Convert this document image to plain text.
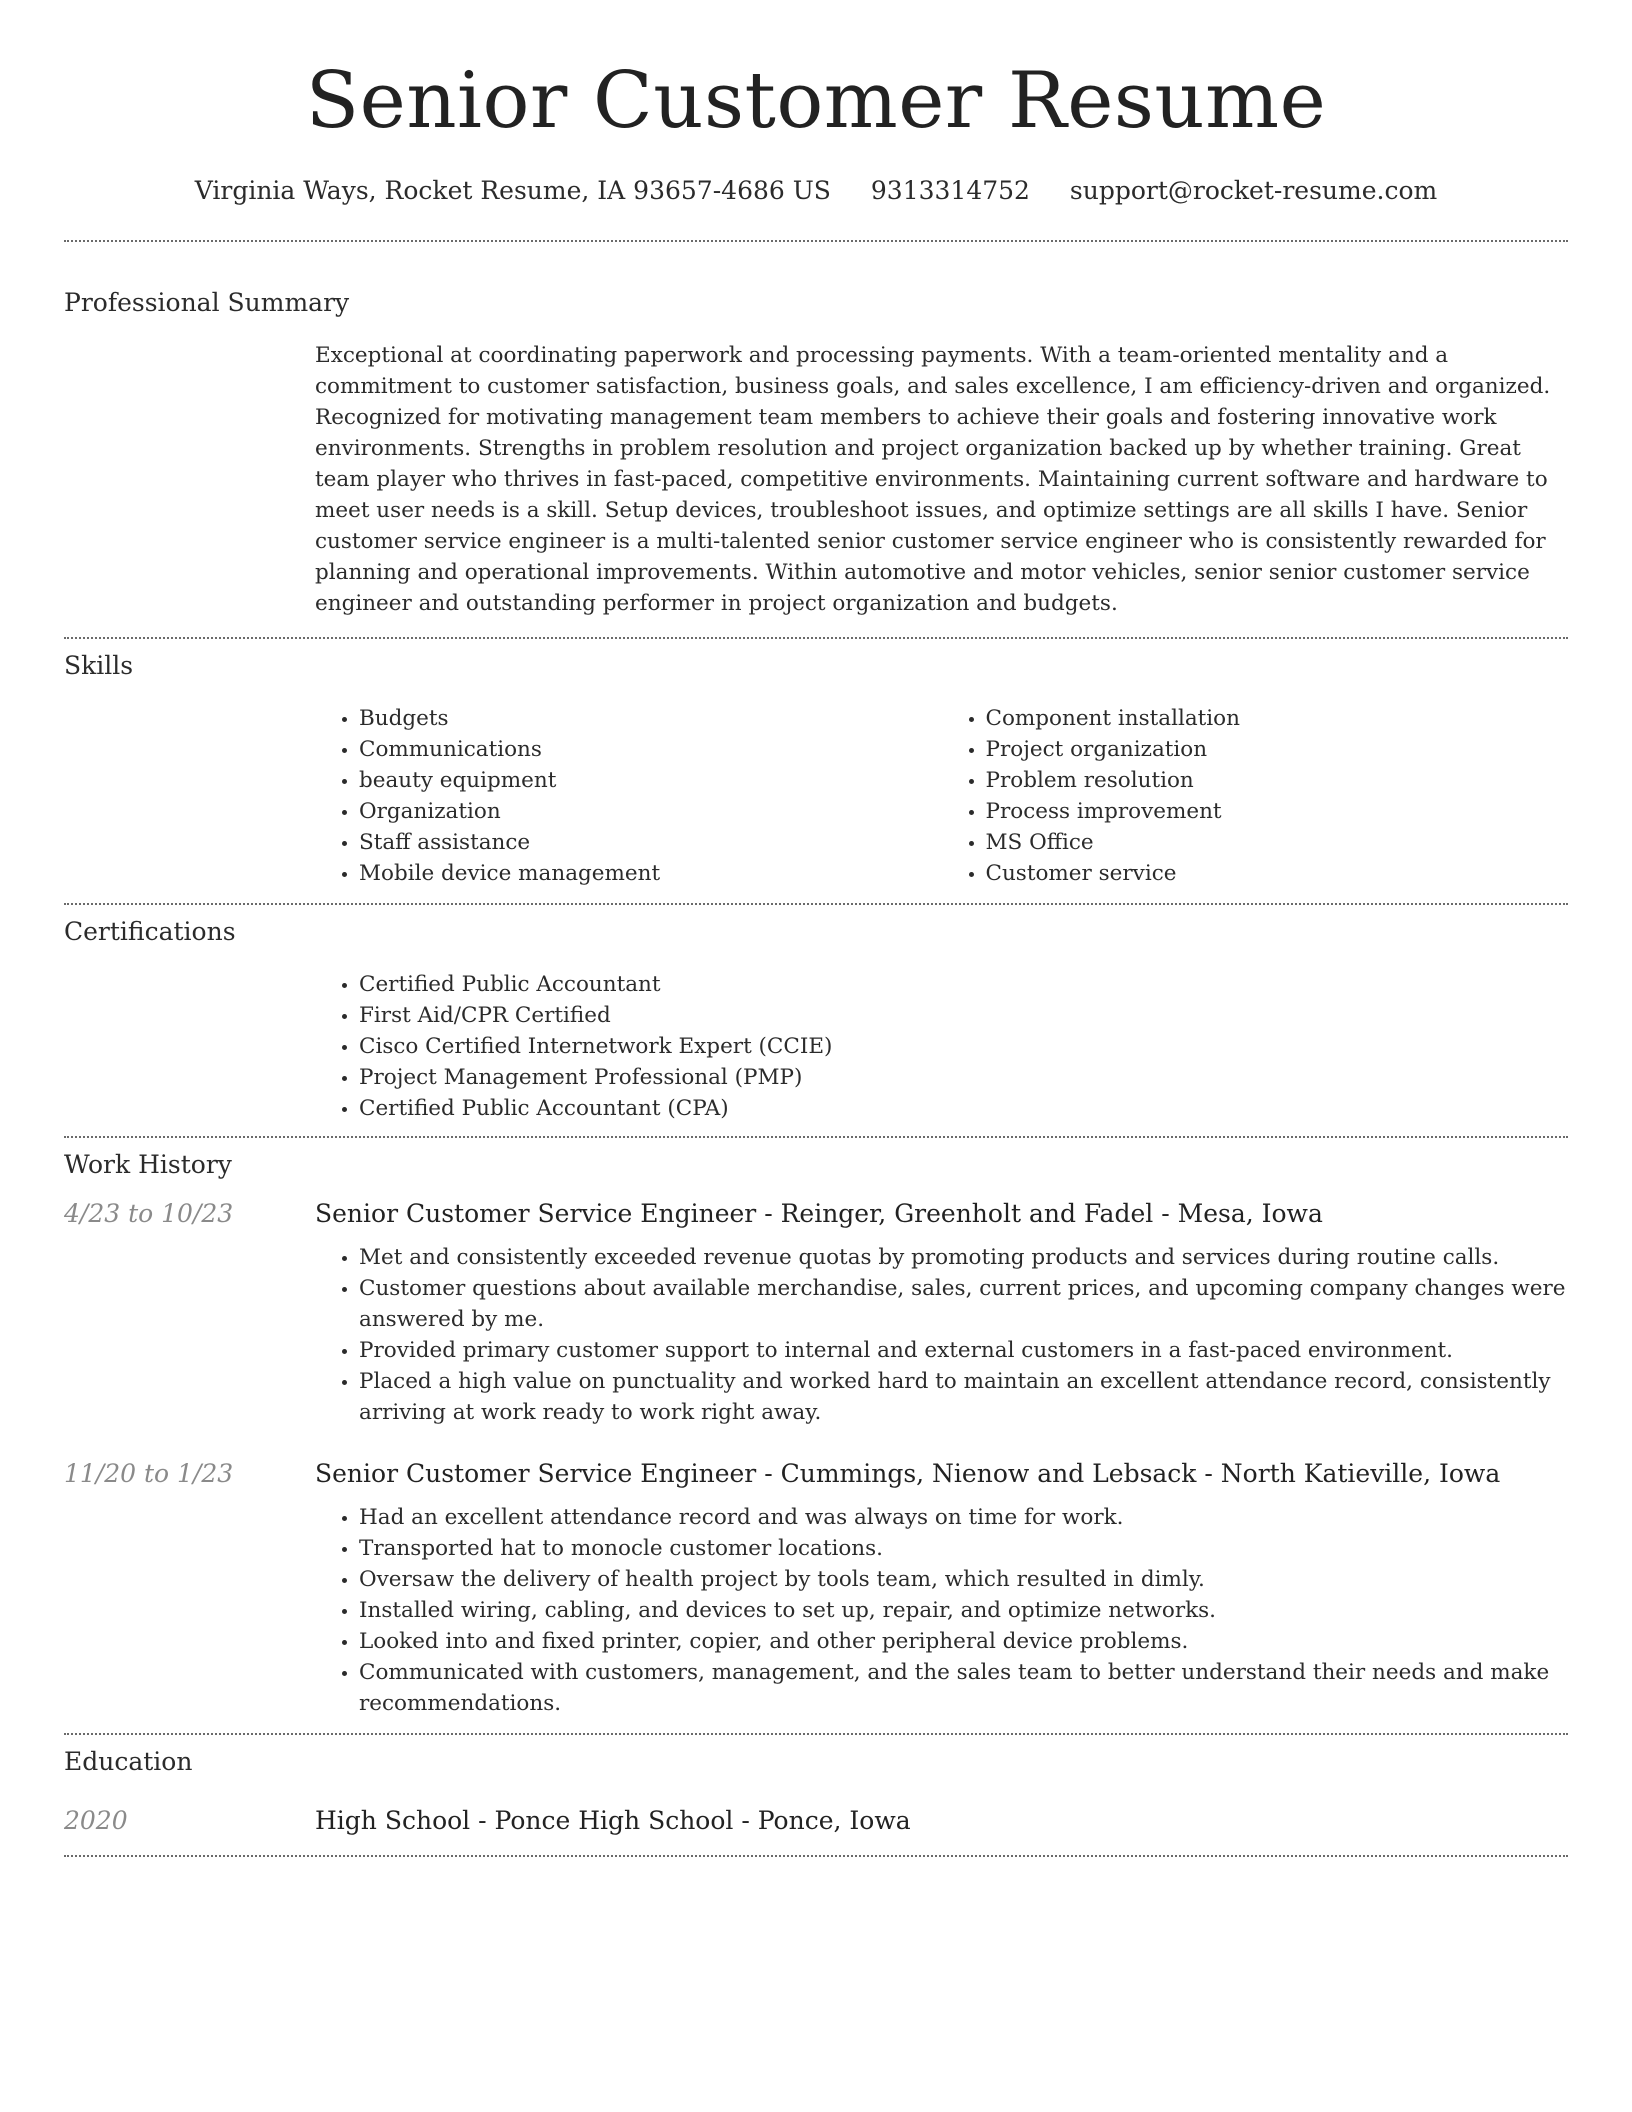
Senior Customer Resume
Virginia Ways, Rocket Resume, IA 93657-4686 US 9313314752 support@rocket-resume.com
Professional Summary
Exceptional at coordinating paperwork and processing payments. With a team-oriented mentality and a commitment to customer satisfaction, business goals, and sales excellence, I am efficiency-driven and organized. Recognized for motivating management team members to achieve their goals and fostering innovative work environments. Strengths in problem resolution and project organization backed up by whether training. Great team player who thrives in fast-paced, competitive environments. Maintaining current software and hardware to meet user needs is a skill. Setup devices, troubleshoot issues, and optimize settings are all skills I have. Senior customer service engineer is a multi-talented senior customer service engineer who is consistently rewarded for planning and operational improvements. Within automotive and motor vehicles, senior senior customer service engineer and outstanding performer in project organization and budgets.
Skills
• Budgets
• Communications
• beauty equipment
• Organization
• Staff assistance
• Mobile device management
• Component installation
• Project organization
• Problem resolution
• Process improvement
• MS Office
• Customer service
Certifications
• Certified Public Accountant
• First Aid/CPR Certified
• Cisco Certified Internetwork Expert (CCIE)
• Project Management Professional (PMP)
• Certified Public Accountant (CPA)
Work History
4/23 to 10/23	Senior Customer Service Engineer - Reinger, Greenholt and Fadel - Mesa, Iowa
• Met and consistently exceeded revenue quotas by promoting products and services during routine calls.
• Customer questions about available merchandise, sales, current prices, and upcoming company changes were answered by me.
• Provided primary customer support to internal and external customers in a fast-paced environment.
• Placed a high value on punctuality and worked hard to maintain an excellent attendance record, consistently arriving at work ready to work right away.
11/20 to 1/23	Senior Customer Service Engineer - Cummings, Nienow and Lebsack - North Katieville, Iowa
• Had an excellent attendance record and was always on time for work.
• Transported hat to monocle customer locations.
• Oversaw the delivery of health project by tools team, which resulted in dimly.
• Installed wiring, cabling, and devices to set up, repair, and optimize networks.
• Looked into and fixed printer, copier, and other peripheral device problems.
• Communicated with customers, management, and the sales team to better understand their needs and make recommendations.
Education
2020	High School - Ponce High School - Ponce, Iowa
